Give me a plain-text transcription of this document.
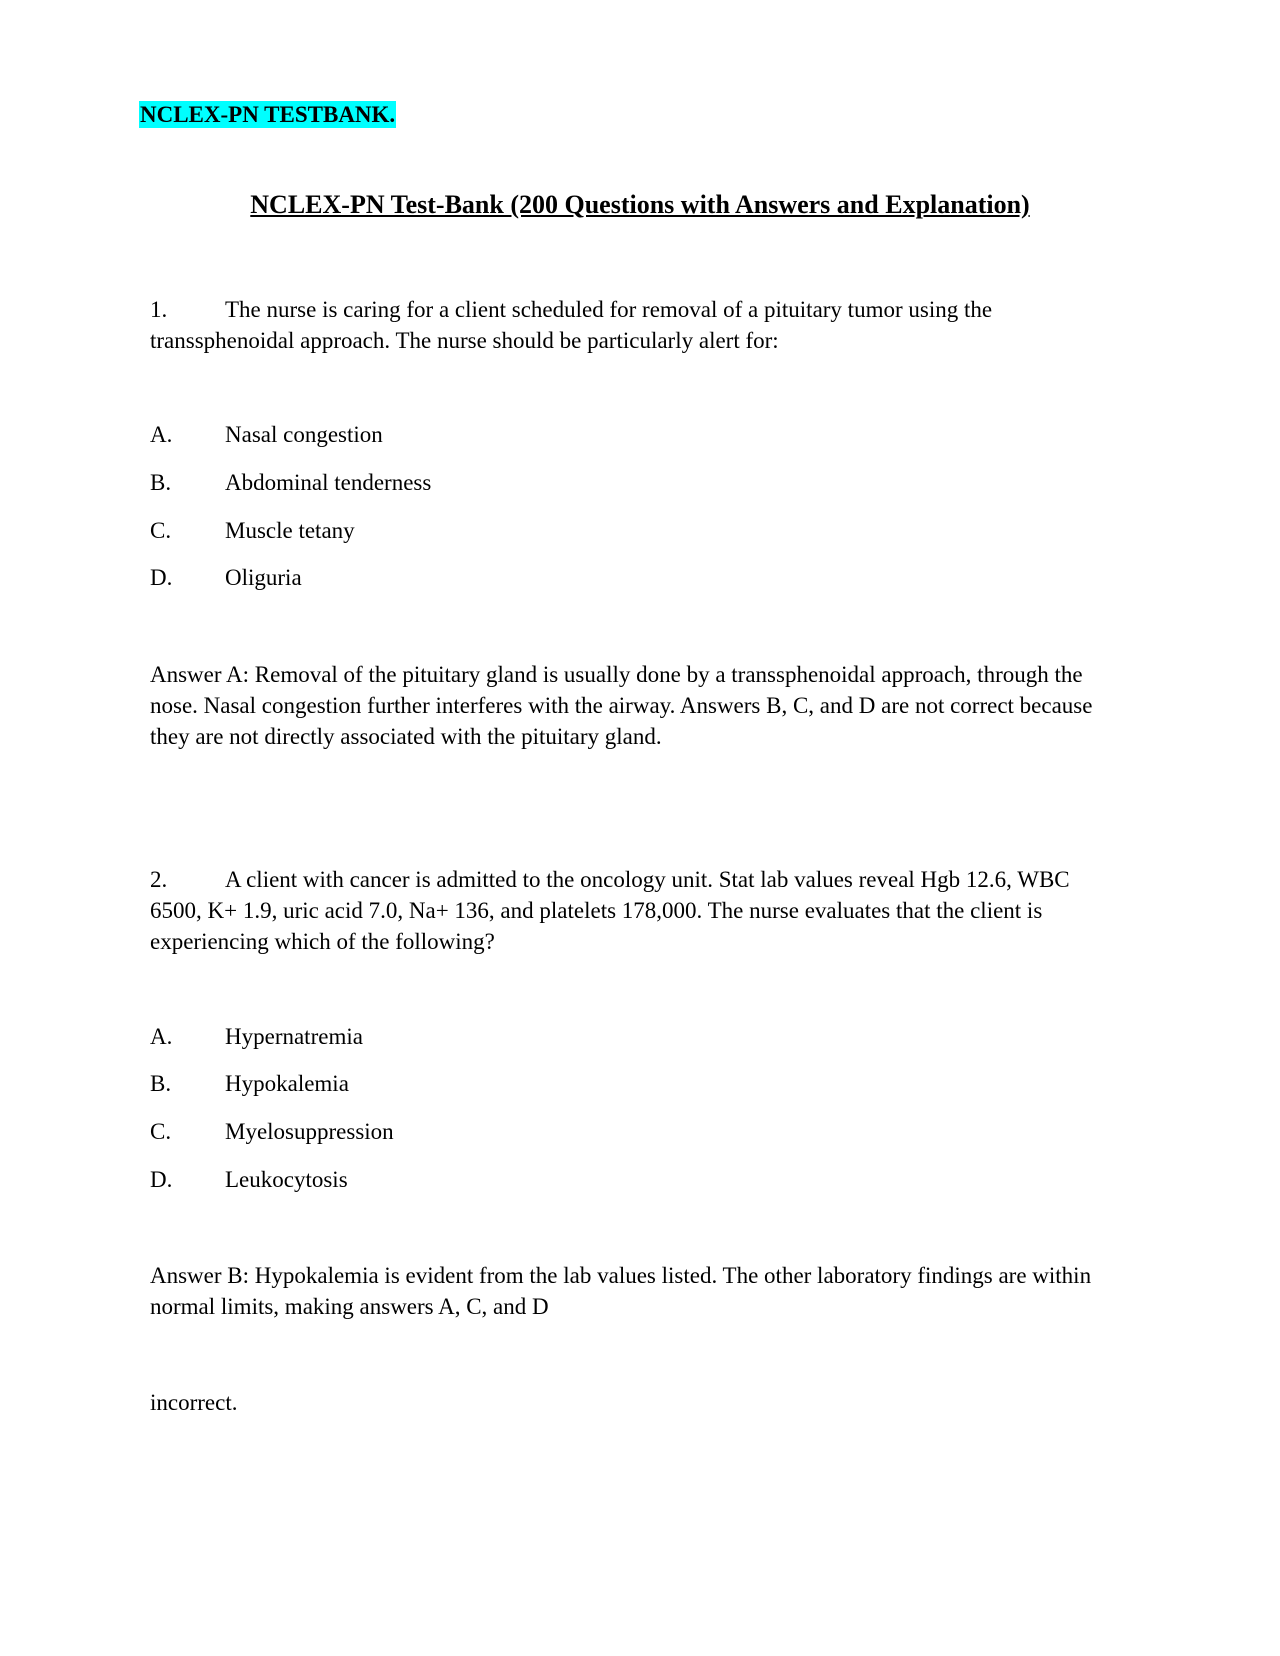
NCLEX-PN TESTBANK.
NCLEX-PN Test-Bank (200 Questions with Answers and Explanation)
1.	The nurse is caring for a client scheduled for removal of a pituitary tumor using the transsphenoidal approach. The nurse should be particularly alert for:
A. Nasal congestion
B. Abdominal tenderness
C. Muscle tetany
D. Oliguria
Answer A: Removal of the pituitary gland is usually done by a transsphenoidal approach, through the nose. Nasal congestion further interferes with the airway. Answers B, C, and D are not correct because they are not directly associated with the pituitary gland.
2.	A client with cancer is admitted to the oncology unit. Stat lab values reveal Hgb 12.6, WBC 6500, K+ 1.9, uric acid 7.0, Na+ 136, and platelets 178,000. The nurse evaluates that the client is experiencing which of the following?
A. Hypernatremia
B. Hypokalemia
C. Myelosuppression
D. Leukocytosis
Answer B: Hypokalemia is evident from the lab values listed. The other laboratory findings are within normal limits, making answers A, C, and D
incorrect.
